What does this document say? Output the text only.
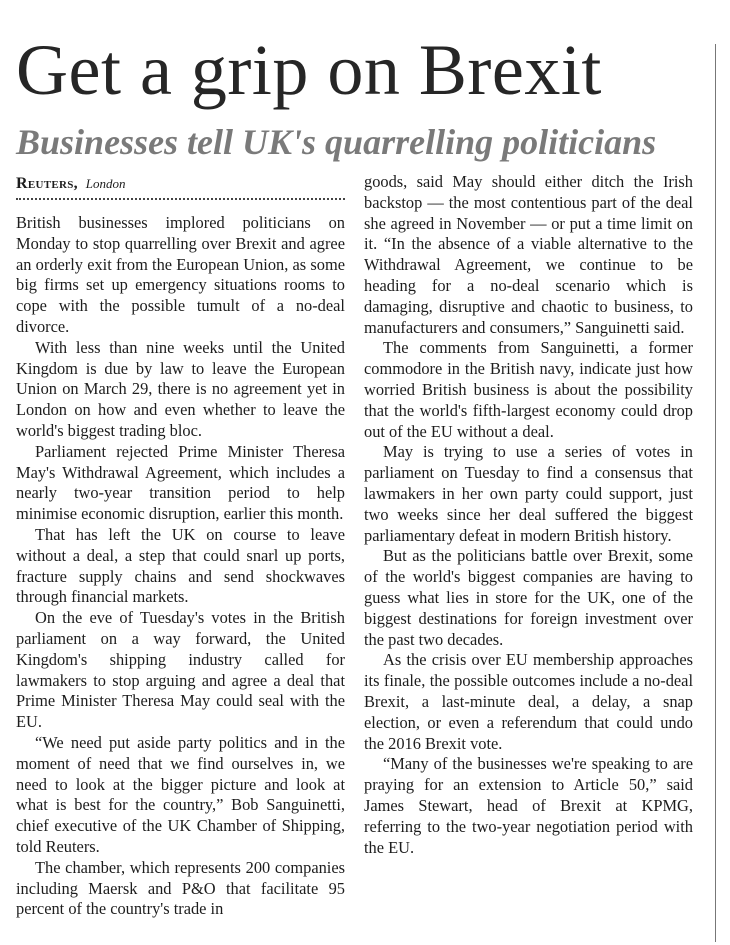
Get a grip on Brexit
Businesses tell UK's quarrelling politicians
Reuters, London

British businesses implored politicians on Monday to stop quarrelling over Brexit and agree an orderly exit from the European Union, as some big firms set up emergency situations rooms to cope with the possible tumult of a no-deal divorce.

With less than nine weeks until the United Kingdom is due by law to leave the European Union on March 29, there is no agreement yet in London on how and even whether to leave the world's biggest trading bloc.

Parliament rejected Prime Minister Theresa May's Withdrawal Agreement, which includes a nearly two-year transition period to help minimise economic disruption, earlier this month.

That has left the UK on course to leave without a deal, a step that could snarl up ports, fracture supply chains and send shockwaves through financial markets.

On the eve of Tuesday's votes in the British parliament on a way forward, the United Kingdom's shipping industry called for lawmakers to stop arguing and agree a deal that Prime Minister Theresa May could seal with the EU.

“We need put aside party politics and in the moment of need that we find ourselves in, we need to look at the bigger picture and look at what is best for the country,” Bob Sanguinetti, chief executive of the UK Chamber of Shipping, told Reuters.

The chamber, which represents 200 companies including Maersk and P&O that facilitate 95 percent of the country's trade in

goods, said May should either ditch the Irish backstop — the most contentious part of the deal she agreed in November — or put a time limit on it. “In the absence of a viable alternative to the Withdrawal Agreement, we continue to be heading for a no-deal scenario which is damaging, disruptive and chaotic to business, to manufacturers and consumers,” Sanguinetti said.

The comments from Sanguinetti, a former commodore in the British navy, indicate just how worried British business is about the possibility that the world's fifth-largest economy could drop out of the EU without a deal.

May is trying to use a series of votes in parliament on Tuesday to find a consensus that lawmakers in her own party could support, just two weeks since her deal suffered the biggest parliamentary defeat in modern British history.

But as the politicians battle over Brexit, some of the world's biggest companies are having to guess what lies in store for the UK, one of the biggest destinations for foreign investment over the past two decades.

As the crisis over EU membership approaches its finale, the possible outcomes include a no-deal Brexit, a last-minute deal, a delay, a snap election, or even a referendum that could undo the 2016 Brexit vote.

“Many of the businesses we're speaking to are praying for an extension to Article 50,” said James Stewart, head of Brexit at KPMG, referring to the two-year negotiation period with the EU.
